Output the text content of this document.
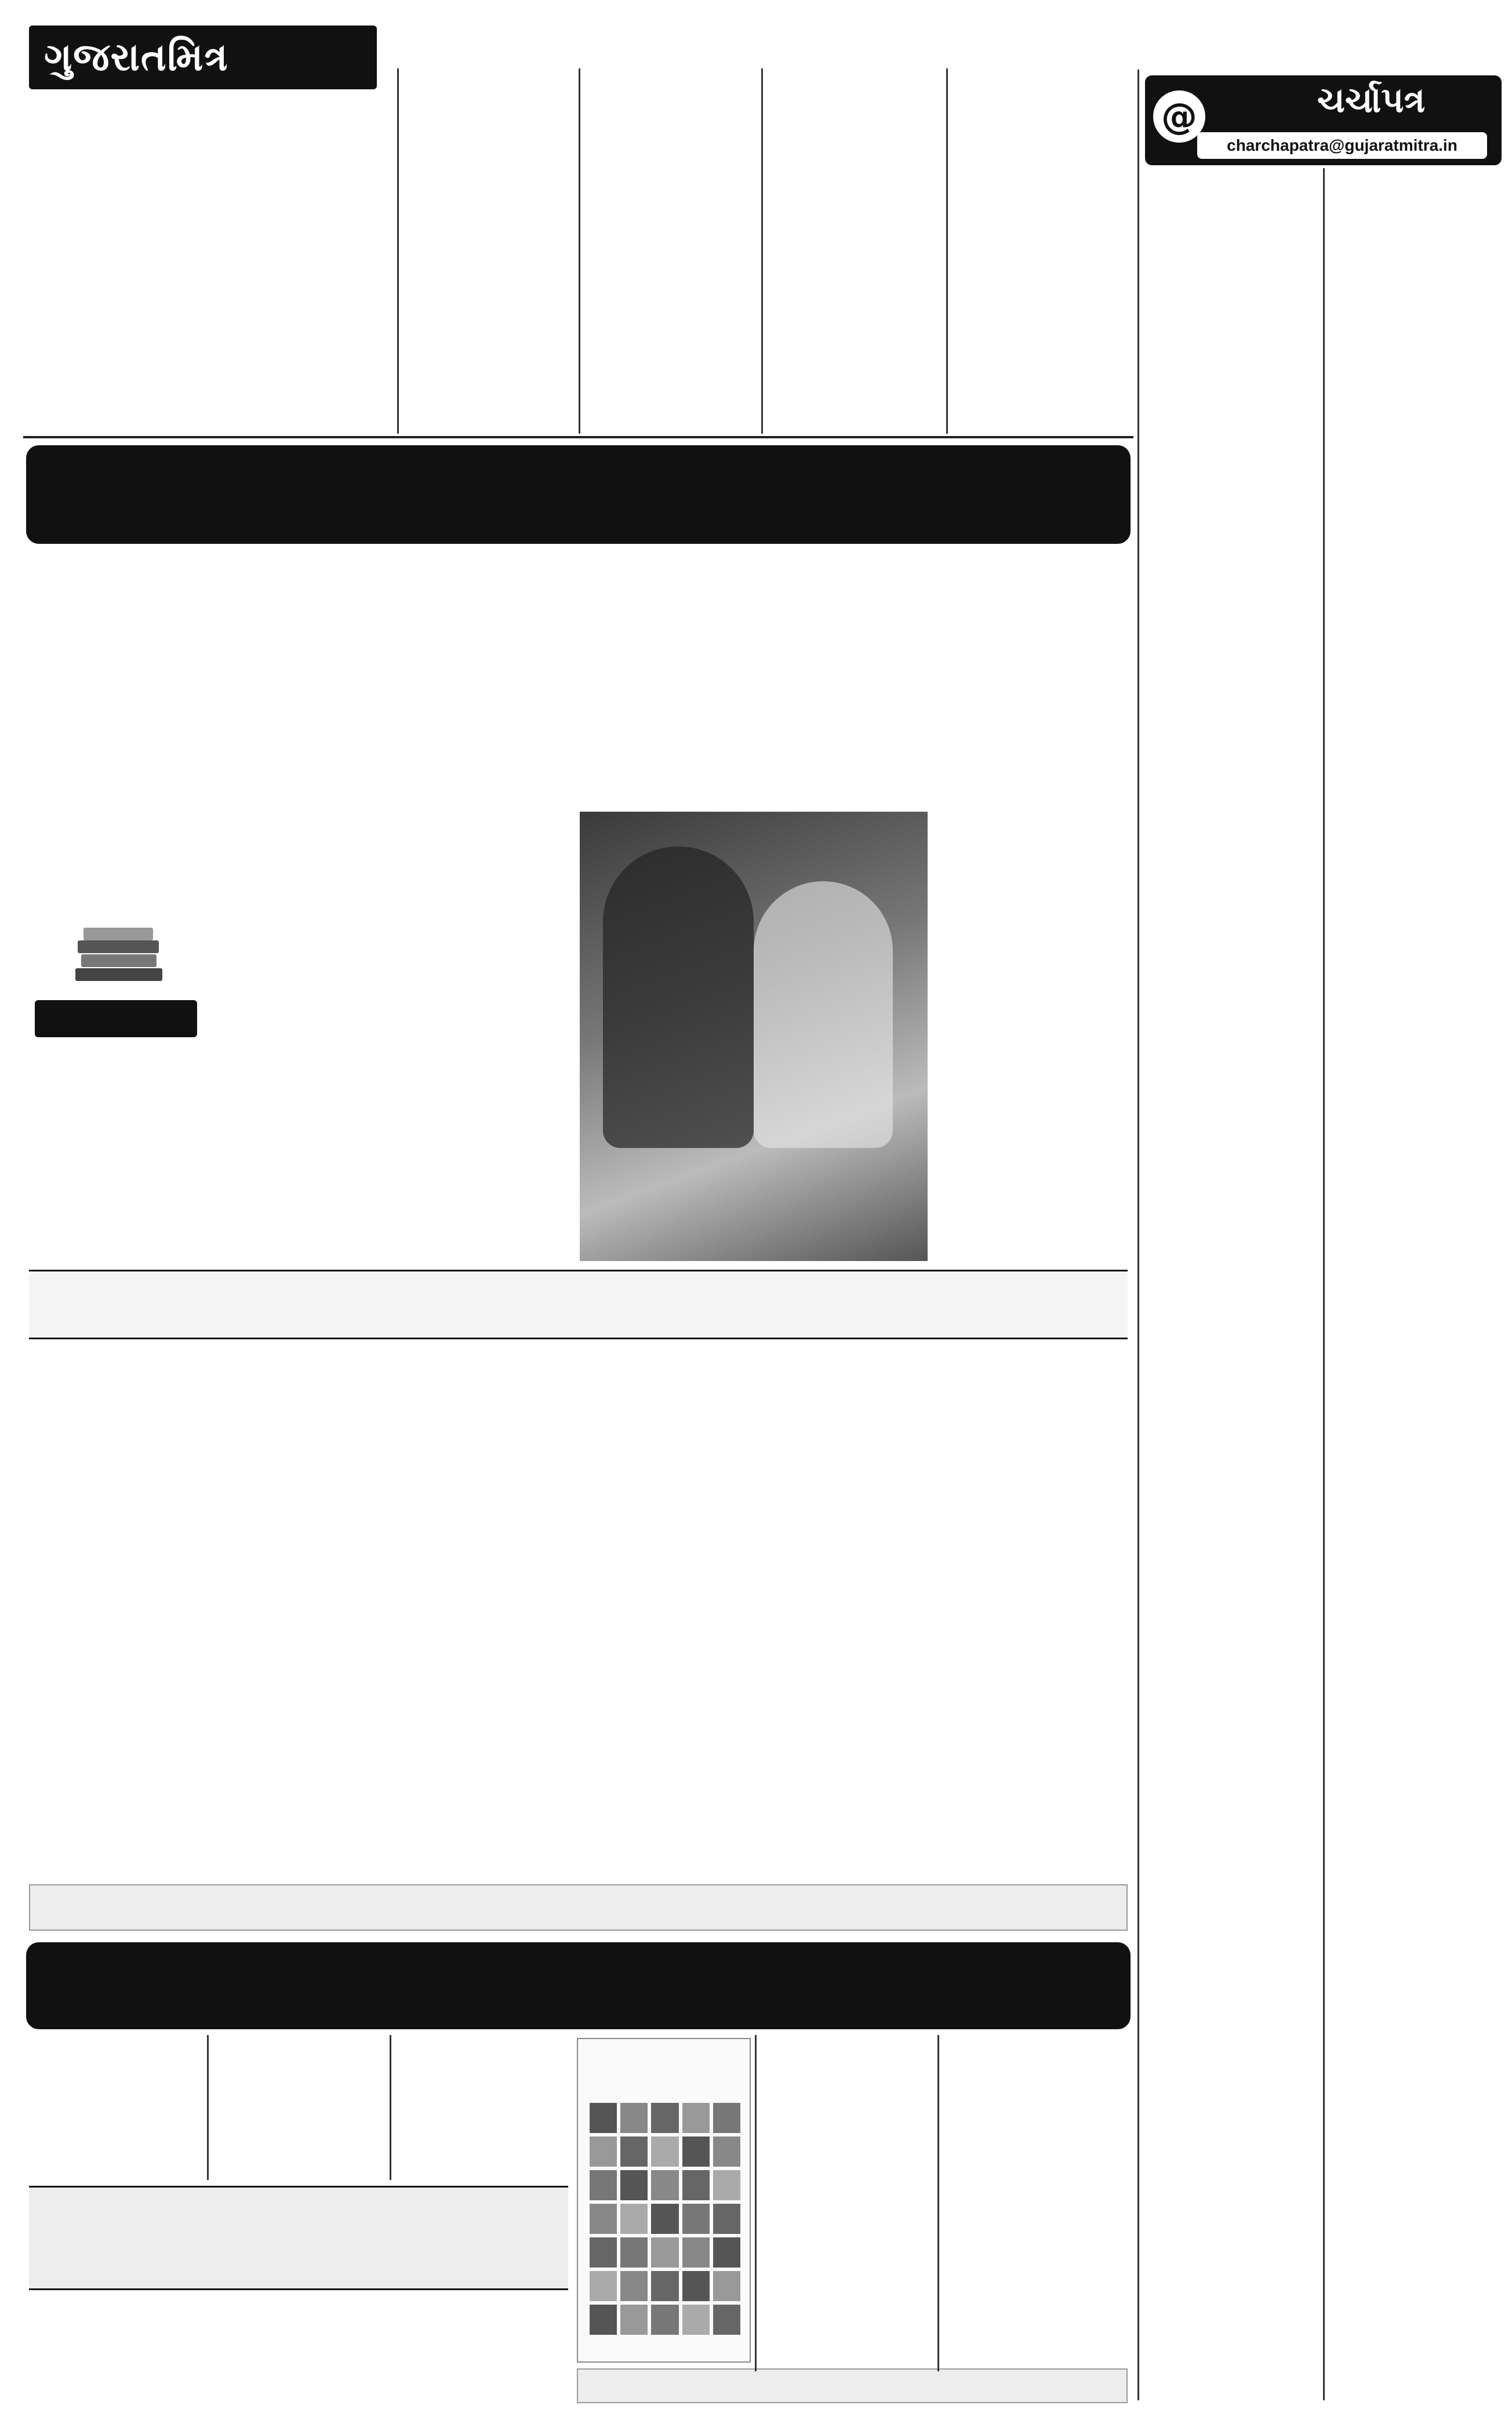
ગુજરાતમિત્ર
ચર્ચાપત્ર
charchapatra@gujaratmitra.in
@
